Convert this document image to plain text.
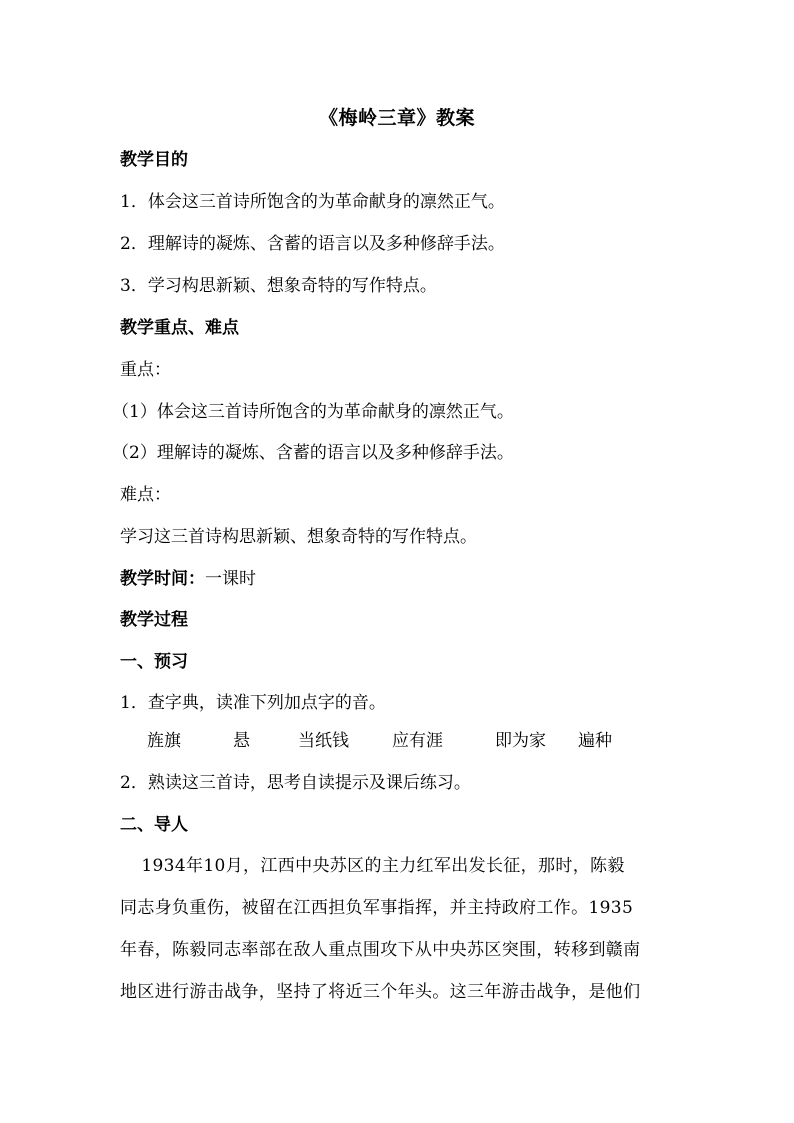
《梅岭三章》教案
教学目的
1．体会这三首诗所饱含的为革命献身的凛然正气。
2．理解诗的凝炼、含蓄的语言以及多种修辞手法。
3．学习构思新颖、想象奇特的写作特点。
教学重点、难点
重点：
（1）体会这三首诗所饱含的为革命献身的凛然正气。
（2）理解诗的凝炼、含蓄的语言以及多种修辞手法。
难点：
学习这三首诗构思新颖、想象奇特的写作特点。
教学时间：一课时
教学过程
一、预习
1．查字典，读准下列加点字的音。
旌旗	悬	当纸钱	应有涯	即为家 遍种
2．熟读这三首诗，思考自读提示及课后练习。
二、导人
　1934年10月，江西中央苏区的主力红军出发长征，那时，陈毅
同志身负重伤，被留在江西担负军事指挥，并主持政府工作。1935
年春，陈毅同志率部在敌人重点围攻下从中央苏区突围，转移到赣南
地区进行游击战争，坚持了将近三个年头。这三年游击战争，是他们
